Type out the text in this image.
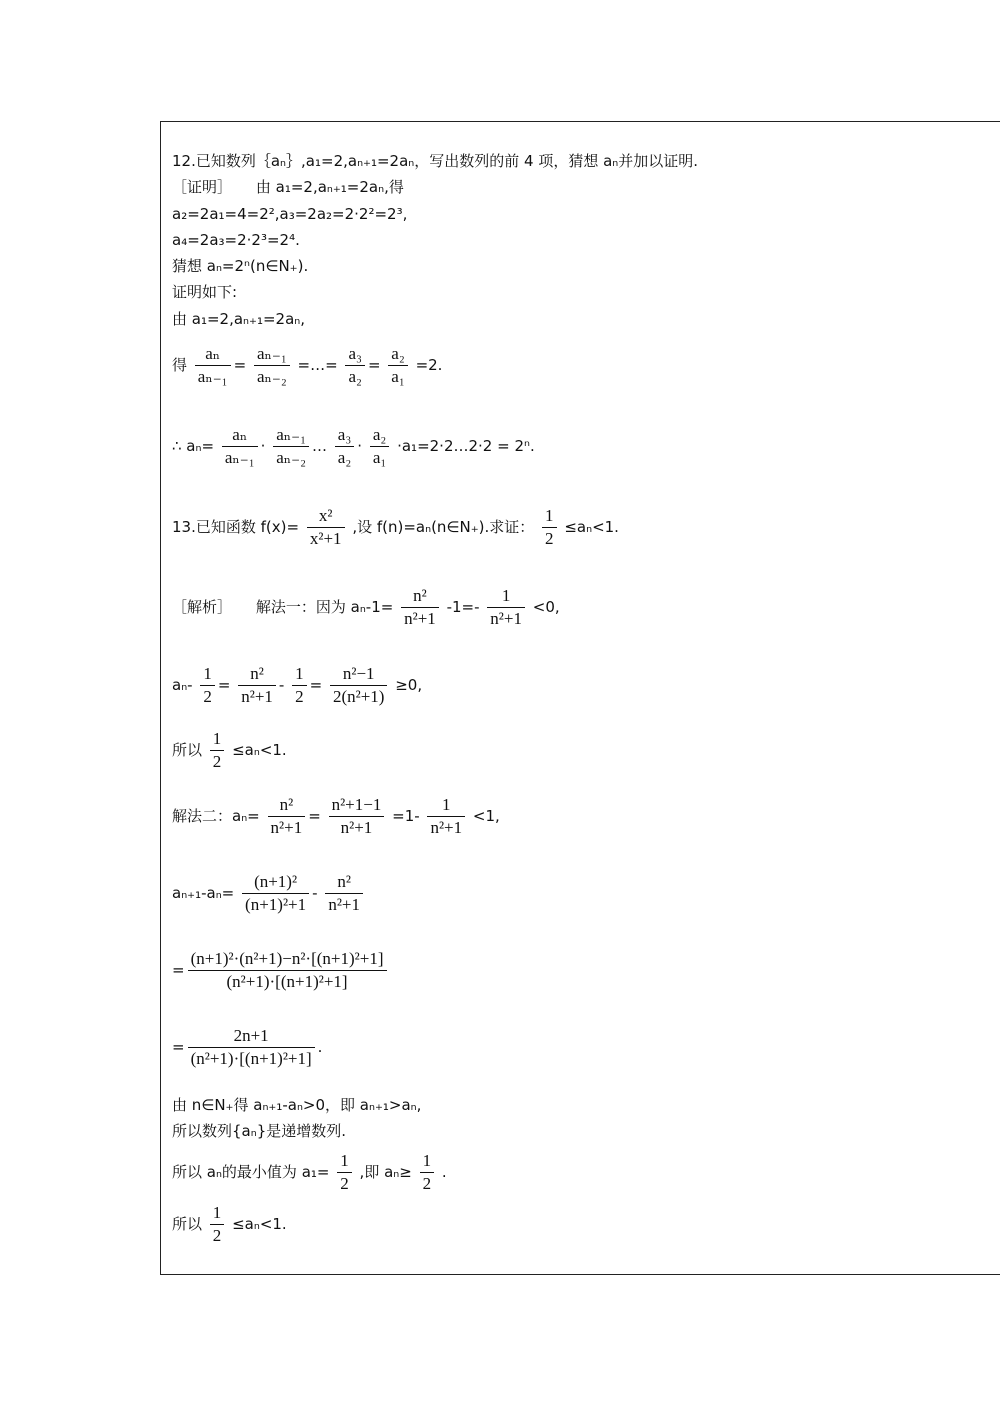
12.已知数列｛aₙ｝,a₁=2,aₙ₊₁=2aₙ，写出数列的前 4 项，猜想 aₙ并加以证明.
［证明］ 由 a₁=2,aₙ₊₁=2aₙ,得
a₂=2a₁=4=2²,a₃=2a₂=2·2²=2³,
a₄=2a₃=2·2³=2⁴.
猜想 aₙ=2ⁿ(n∈N₊).
证明如下:
由 a₁=2,aₙ₊₁=2aₙ,
得 $\frac{\text{aₙ}}{\text{aₙ₋₁}} = \frac{\text{aₙ₋₁}}{\text{aₙ₋₂}}$ =…= $\frac{\text{a₃}}{\text{a₂}} = \frac{\text{a₂}}{\text{a₁}} =2$.
∴ $a_n= \frac{\text{aₙ}}{\text{aₙ₋₁}} \cdot \frac{\text{aₙ₋₁}}{\text{aₙ₋₂}}$ … $\frac{\text{a₃}}{\text{a₂}} \cdot \frac{\text{a₂}}{\text{a₁}}$ ·a₁=2·2…2·2 = 2ⁿ.
13.已知函数 $f(x)= \frac{\text{x²}}{\text{x²+1}}$ ,设 f(n)=aₙ(n∈N₊).求证： $\frac{1}{2} \le a_n<1$.
［解析］ 解法一：因为 $a_n-1= \frac{\text{n²}}{\text{n²+1}} -1=- \frac{1}{\text{n²+1}} <0$,
$a_n- \frac{1}{2} = \frac{\text{n²}}{\text{n²+1}} - \frac{1}{2} = \frac{\text{n²−1}}{\text{2(n²+1)}} \ge 0$,
所以 $\frac{1}{2} \le a_n<1$.
解法二：$a_n= \frac{\text{n²}}{\text{n²+1}} = \frac{\text{n²+1−1}}{\text{n²+1}} =1- \frac{1}{\text{n²+1}} <1$,
$a_{n+1}-a_n= \frac{\text{(n+1)²}}{\text{(n+1)²+1}} - \frac{\text{n²}}{\text{n²+1}}$
= $\frac{\text{(n+1)²·(n²+1)−n²·[(n+1)²+1]}}{\text{(n²+1)·[(n+1)²+1]}}$
= $\frac{2n+1}{\text{(n²+1)·[(n+1)²+1]}}$ .
由 n∈N₊得 aₙ₊₁-aₙ>0，即 aₙ₊₁>aₙ,
所以数列{aₙ}是递增数列.
所以 aₙ的最小值为 $a_1= \frac{1}{2}$ ,即 $a_n\ge \frac{1}{2}$ .
所以 $\frac{1}{2} \le a_n<1$.
